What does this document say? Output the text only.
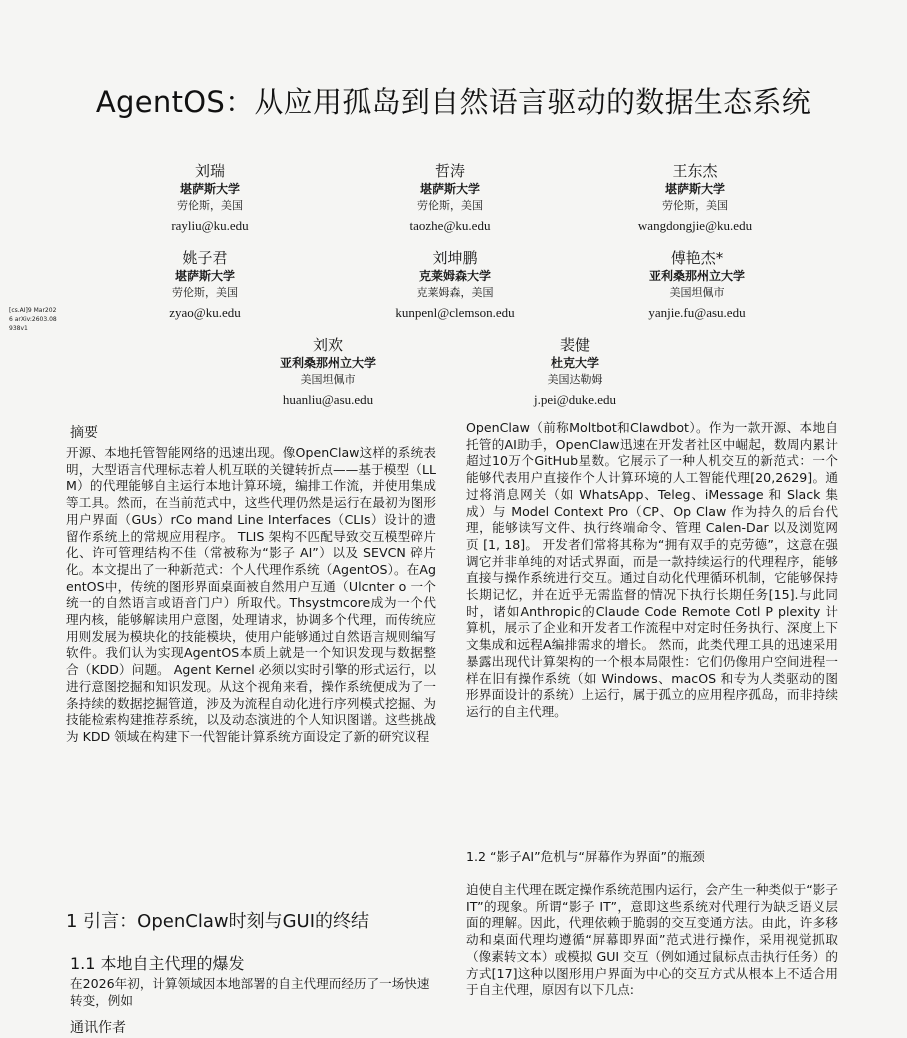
AgentOS：从应用孤岛到自然语言驱动的数据生态系统
刘瑞
堪萨斯大学
劳伦斯，美国
rayliu@ku.edu
哲涛
堪萨斯大学
劳伦斯，美国
taozhe@ku.edu
王东杰
堪萨斯大学
劳伦斯，美国
wangdongjie@ku.edu
姚子君
堪萨斯大学
劳伦斯，美国
zyao@ku.edu
刘坤鹏
克莱姆森大学
克莱姆森，美国
kunpenl@clemson.edu
傅艳杰*
亚利桑那州立大学
美国坦佩市
yanjie.fu@asu.edu
刘欢
亚利桑那州立大学
美国坦佩市
huanliu@asu.edu
裴健
杜克大学
美国达勒姆
j.pei@duke.edu
[cs.AI]9 Mar2026 arXiv:2603.08938v1
摘要

开源、本地托管智能网络的迅速出现。像OpenClaw这样的系统表明，大型语言代理标志着人机互联的关键转折点——基于模型（LLM）的代理能够自主运行本地计算环境，编排工作流，并使用集成等工具。然而，在当前范式中，这些代理仍然是运行在最初为图形用户界面（GUs）rCo mand Line Interfaces（CLIs）设计的遗留作系统上的常规应用程序。 TLIS 架构不匹配导致交互模型碎片化、许可管理结构不佳（常被称为“影子 AI”）以及 SEVCN 碎片化。本文提出了一种新范式：个人代理作系统（AgentOS）。在AgentOS中，传统的图形界面桌面被自然用户互通（Ulcnter o 一个统一的自然语言或语音门户）所取代。Thsystmcore成为一个代理内核，能够解读用户意图，处理请求，协调多个代理，而传统应用则发展为模块化的技能模块，使用户能够通过自然语言规则编写软件。我们认为实现AgentOS本质上就是一个知识发现与数据整合（KDD）问题。 Agent Kernel 必须以实时引擎的形式运行，以进行意图挖掘和知识发现。从这个视角来看，操作系统便成为了一条持续的数据挖掘管道，涉及为流程自动化进行序列模式挖掘、为技能检索构建推荐系统，以及动态演进的个人知识图谱。这些挑战为 KDD 领域在构建下一代智能计算系统方面设定了新的研究议程

1 引言：OpenClaw时刻与GUI的终结
1.1 本地自主代理的爆发

在2026年初，计算领域因本地部署的自主代理而经历了一场快速转变，例如

通讯作者

OpenClaw（前称Moltbot和Clawdbot）。作为一款开源、本地自托管的AI助手，OpenClaw迅速在开发者社区中崛起，数周内累计超过10万个GitHub星数。它展示了一种人机交互的新范式：一个能够代表用户直接作个人计算环境的人工智能代理[20,2629]。通过将消息网关（如 WhatsApp、Teleg、iMessage 和 Slack 集成）与 Model Context Pro（CP、Op Claw 作为持久的后台代理，能够读写文件、执行终端命令、管理 Calen-Dar 以及浏览网页 [1, 18]。 开发者们常将其称为“拥有双手的克劳德”，这意在强调它并非单纯的对话式界面，而是一款持续运行的代理程序，能够直接与操作系统进行交互。通过自动化代理循环机制，它能够保持长期记忆，并在近乎无需监督的情况下执行长期任务[15].与此同时，诸如Anthropic的Claude Code Remote Cotl P plexity 计算机，展示了企业和开发者工作流程中对定时任务执行、深度上下文集成和远程A编排需求的增长。 然而，此类代理工具的迅速采用暴露出现代计算架构的一个根本局限性：它们仍像用户空间进程一样在旧有操作系统（如 Windows、macOS 和专为人类驱动的图形界面设计的系统）上运行，属于孤立的应用程序孤岛，而非持续运行的自主代理。

1.2 “影子AI”危机与“屏幕作为界面”的瓶颈

迫使自主代理在既定操作系统范围内运行，会产生一种类似于“影子 IT”的现象。所谓“影子 IT”，意即这些系统对代理行为缺乏语义层面的理解。因此，代理依赖于脆弱的交互变通方法。由此，许多移动和桌面代理均遵循“屏幕即界面”范式进行操作，采用视觉抓取（像素转文本）或模拟 GUI 交互（例如通过鼠标点击执行任务）的方式[17]这种以图形用户界面为中心的交互方式从根本上不适合用于自主代理，原因有以下几点:
